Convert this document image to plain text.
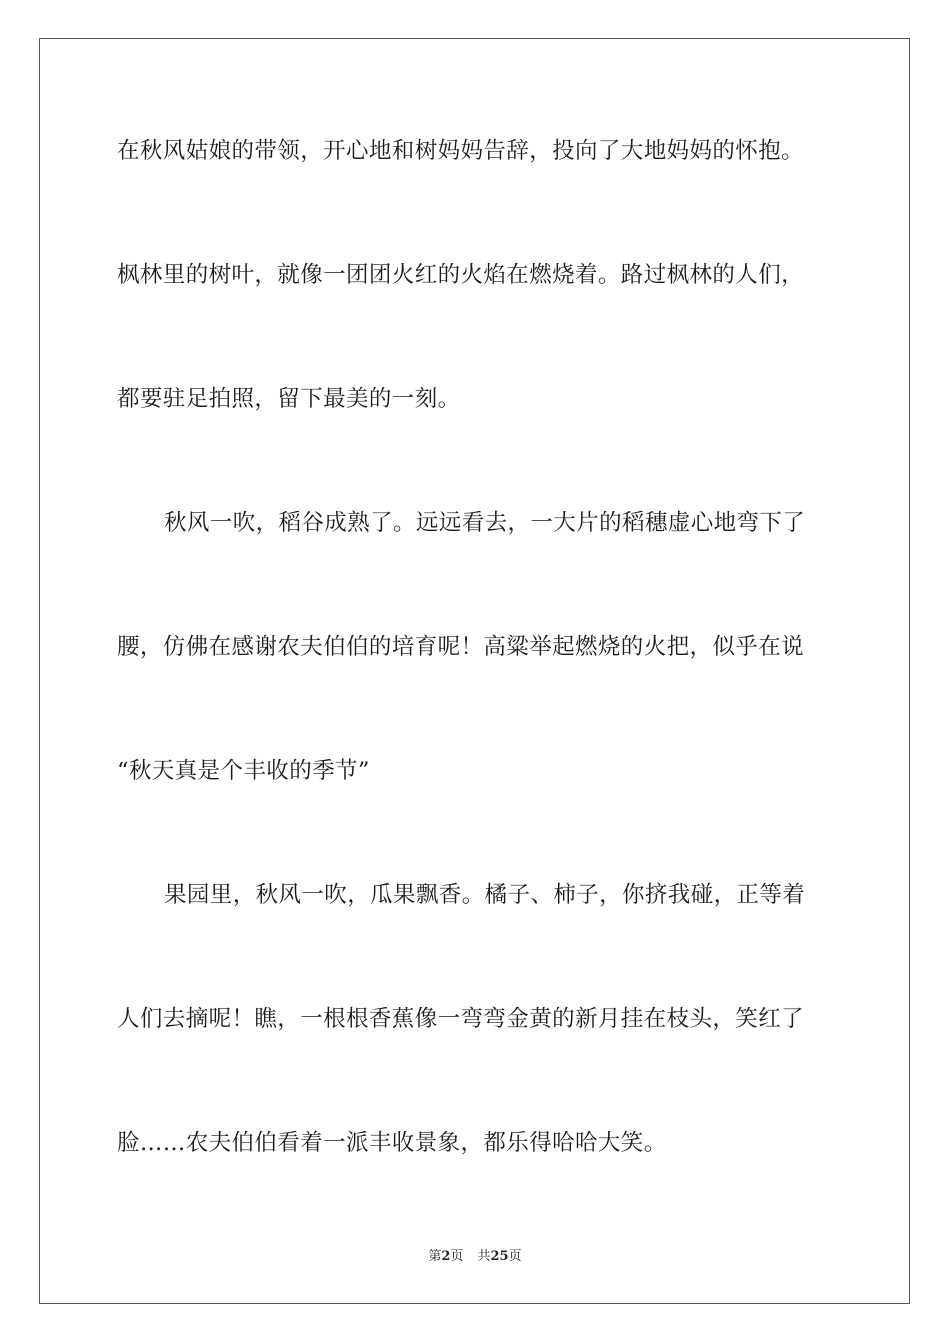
在秋风姑娘的带领，开心地和树妈妈告辞，投向了大地妈妈的怀抱。

枫林里的树叶，就像一团团火红的火焰在燃烧着。路过枫林的人们，

都要驻足拍照，留下最美的一刻。

秋风一吹，稻谷成熟了。远远看去，一大片的稻穗虚心地弯下了

腰，仿佛在感谢农夫伯伯的培育呢！高粱举起燃烧的火把，似乎在说

“秋天真是个丰收的季节”

果园里，秋风一吹，瓜果飘香。橘子、柿子，你挤我碰，正等着

人们去摘呢！瞧，一根根香蕉像一弯弯金黄的新月挂在枝头，笑红了

脸……农夫伯伯看着一派丰收景象，都乐得哈哈大笑。

第2页 共25页
